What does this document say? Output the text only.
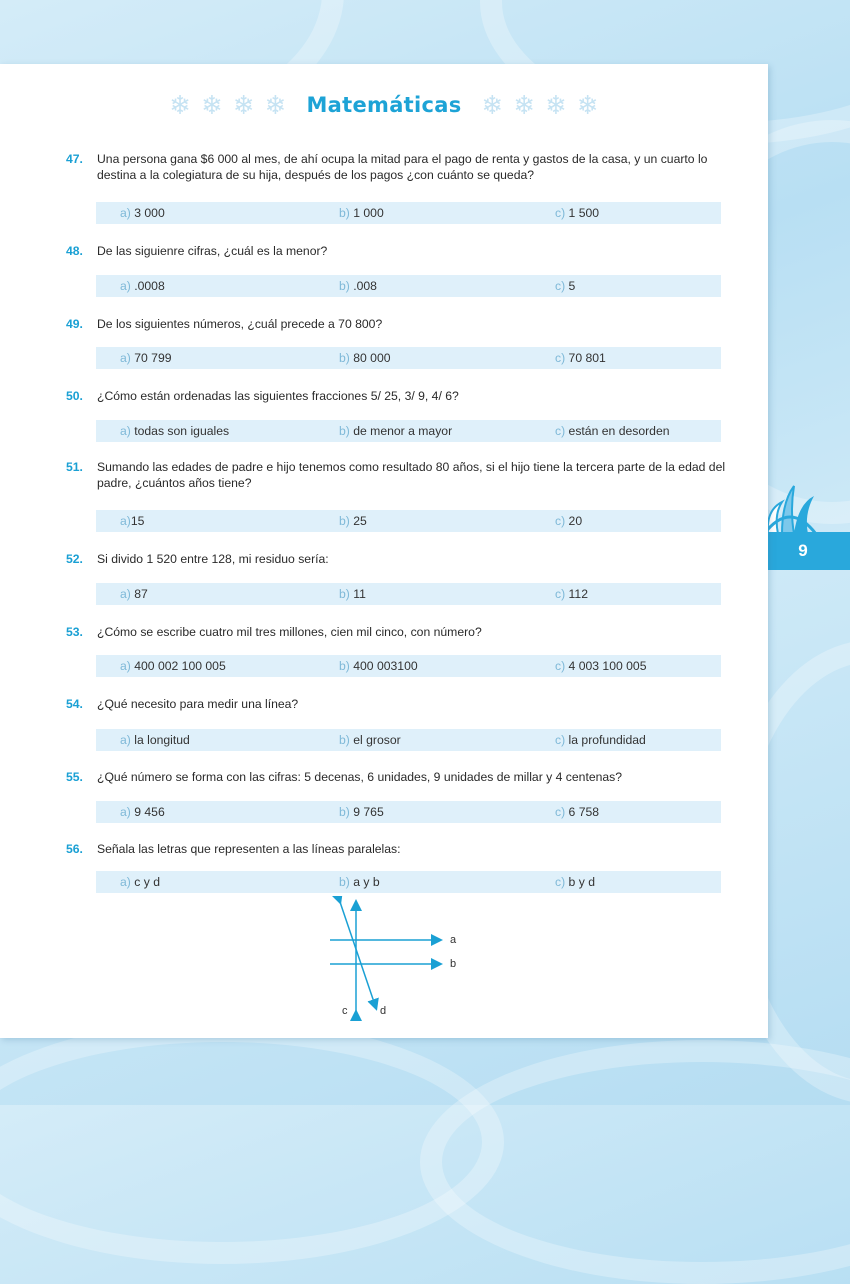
9
❄ ❄ ❄ ❄ Matemáticas ❄ ❄ ❄ ❄
47. Una persona gana $6 000 al mes, de ahí ocupa la mitad para el pago de renta y gastos de la casa, y un cuarto lo destina a la colegiatura de su hija, después de los pagos ¿con cuánto se queda?
a) 3 000	b) 1 000	c) 1 500
48. De las siguienre cifras, ¿cuál es la menor?
a) .0008	b) .008	c) 5
49. De los siguientes números, ¿cuál precede a 70 800?
a) 70 799	b) 80 000	c) 70 801
50. ¿Cómo están ordenadas las siguientes fracciones 5/ 25, 3/ 9, 4/ 6?
a) todas son iguales	b) de menor a mayor	c) están en desorden
51. Sumando las edades de padre e hijo tenemos como resultado 80 años, si el hijo tiene la tercera parte de la edad del padre, ¿cuántos años tiene?
a)15	b) 25	c) 20
52. Si divido 1 520 entre 128, mi residuo sería:
a) 87	b) 11	c) 112
53. ¿Cómo se escribe cuatro mil tres millones, cien mil cinco, con número?
a) 400 002 100 005	b) 400 003100	c) 4 003 100 005
54. ¿Qué necesito para medir una línea?
a) la longitud	b) el grosor	c) la profundidad
55. ¿Qué número se forma con las cifras: 5 decenas, 6 unidades, 9 unidades de millar y 4 centenas?
a) 9 456	b) 9 765	c) 6 758
56. Señala las letras que representen a las líneas paralelas:
a) c y d	b) a y b	c) b y d
a
b
c	d
